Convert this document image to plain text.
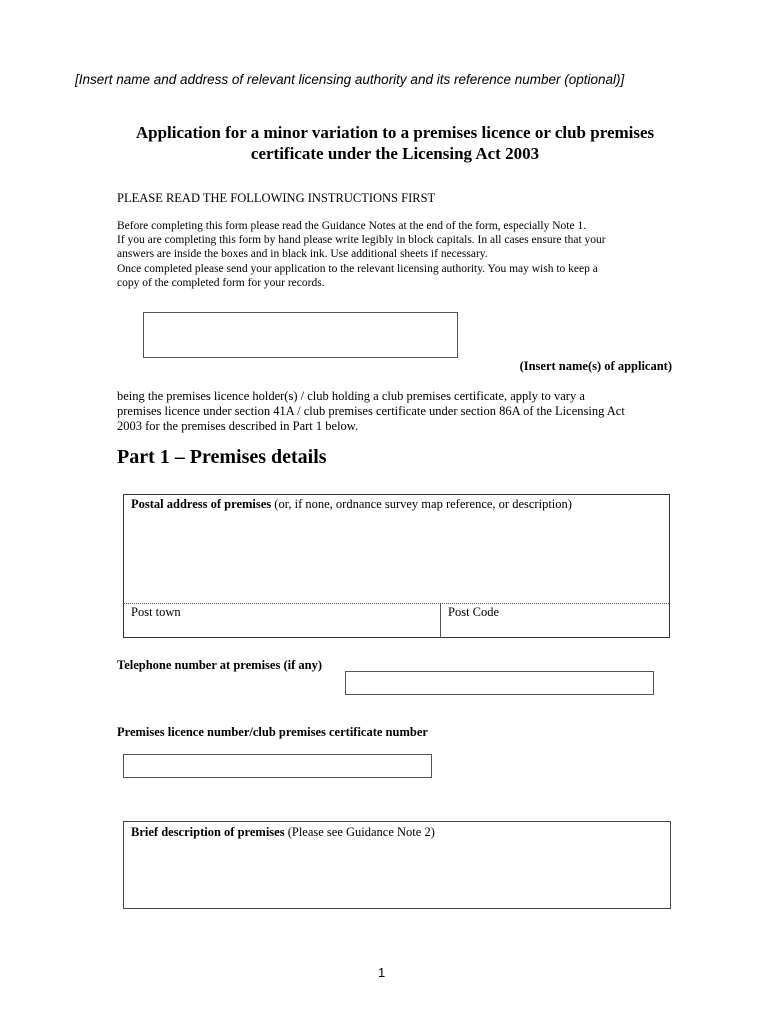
[Insert name and address of relevant licensing authority and its reference number (optional)]
Application for a minor variation to a premises licence or club premises
certificate under the Licensing Act 2003
PLEASE READ THE FOLLOWING INSTRUCTIONS FIRST
Before completing this form please read the Guidance Notes at the end of the form, especially Note 1.
If you are completing this form by hand please write legibly in block capitals. In all cases ensure that your
answers are inside the boxes and in black ink. Use additional sheets if necessary.
Once completed please send your application to the relevant licensing authority. You may wish to keep a
copy of the completed form for your records.
(Insert name(s) of applicant)
being the premises licence holder(s) / club holding a club premises certificate, apply to vary a
premises licence under section 41A / club premises certificate under section 86A of the Licensing Act
2003 for the premises described in Part 1 below.
Part 1 – Premises details
Postal address of premises (or, if none, ordnance survey map reference, or description)
Post town	Post Code
Telephone number at premises (if any)
Premises licence number/club premises certificate number
Brief description of premises (Please see Guidance Note 2)
1
